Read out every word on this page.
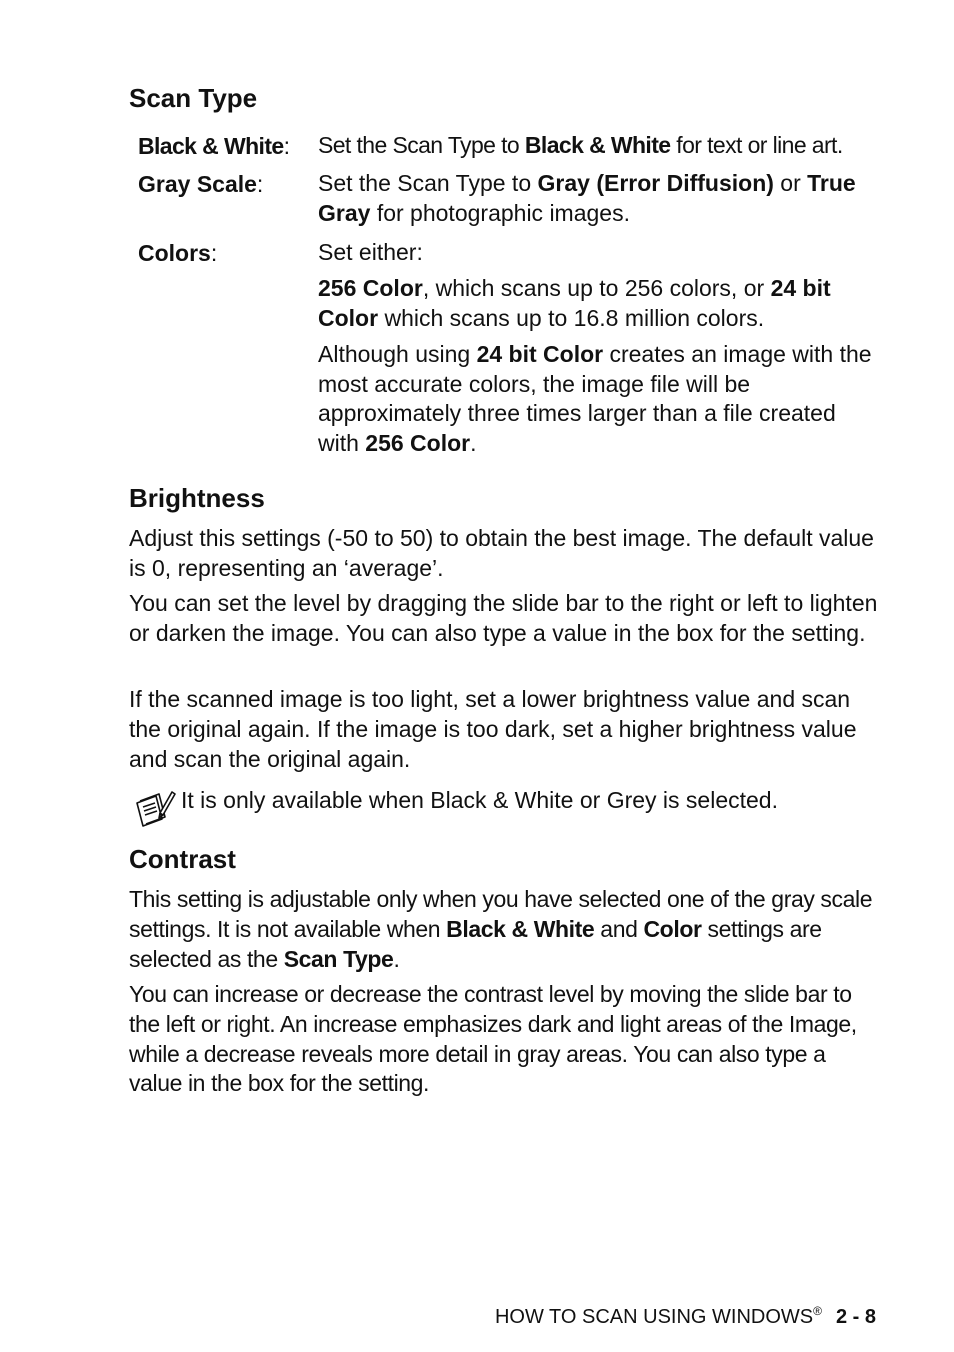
Scan Type
Black & White: Set the Scan Type to Black & White for text or line art.
Gray Scale: Set the Scan Type to Gray (Error Diffusion) or True Gray for photographic images.
Colors:	Set either:
256 Color, which scans up to 256 colors, or 24 bit Color which scans up to 16.8 million colors.
Although using 24 bit Color creates an image with the most accurate colors, the image file will be approximately three times larger than a file created with 256 Color.
Brightness
Adjust this settings (-50 to 50) to obtain the best image. The default value is 0, representing an ‘average’.
You can set the level by dragging the slide bar to the right or left to lighten or darken the image. You can also type a value in the box for the setting.
If the scanned image is too light, set a lower brightness value and scan the original again. If the image is too dark, set a higher brightness value and scan the original again.
It is only available when Black & White or Grey is selected.
Contrast
This setting is adjustable only when you have selected one of the gray scale settings. It is not available when Black & White and Color settings are selected as the Scan Type.
You can increase or decrease the contrast level by moving the slide bar to the left or right. An increase emphasizes dark and light areas of the Image, while a decrease reveals more detail in gray areas. You can also type a value in the box for the setting.
HOW TO SCAN USING WINDOWS® 2 - 8
